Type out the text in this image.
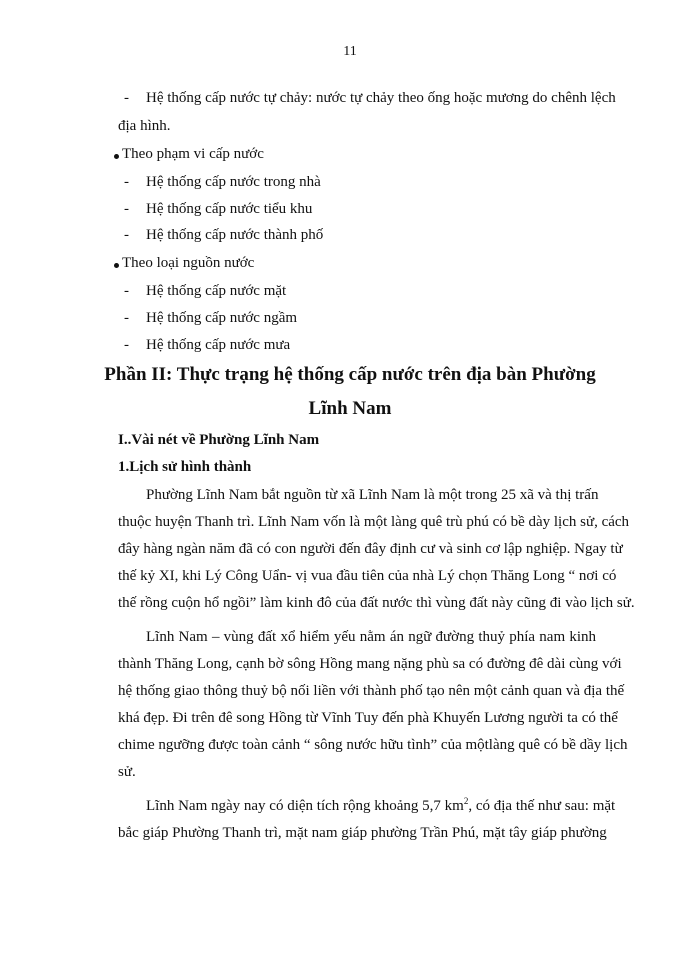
11
- Hệ thống cấp nước tự chảy: nước tự chảy theo ống hoặc mương do chênh lệch
địa hình.
Theo phạm vi cấp nước
- Hệ thống cấp nước trong nhà
- Hệ thống cấp nước tiểu khu
- Hệ thống cấp nước thành phố
Theo loại nguồn nước
- Hệ thống cấp nước mặt
- Hệ thống cấp nước ngầm
- Hệ thống cấp nước mưa
Phần II: Thực trạng hệ thống cấp nước trên địa bàn Phường
Lĩnh Nam
I..Vài nét về Phường Lĩnh Nam
1.Lịch sử hình thành
Phường Lĩnh Nam bắt nguồn từ xã Lĩnh Nam là một trong 25 xã và thị trấn
thuộc huyện Thanh trì. Lĩnh Nam vốn là một làng quê trù phú có bề dày lịch sử, cách
đây hàng ngàn năm đã có con người đến đây định cư và sinh cơ lập nghiệp. Ngay từ
thế kỷ XI, khi Lý Công Uẩn- vị vua đầu tiên của nhà Lý chọn Thăng Long “ nơi có
thế rồng cuộn hổ ngồi” làm kinh đô của đất nước thì vùng đất này cũng đi vào lịch sử.
Lĩnh Nam – vùng đất xổ hiểm yếu nằm án ngữ đường thuỷ phía nam kinh
thành Thăng Long, cạnh bờ sông Hồng mang nặng phù sa có đường đê dài cùng với
hệ thống giao thông thuỷ bộ nối liền với thành phố tạo nên một cảnh quan và địa thế
khá đẹp. Đi trên đê song Hồng từ Vĩnh Tuy đến phà Khuyến Lương người ta có thể
chime ngưỡng được toàn cảnh “ sông nước hữu tình” của mộtlàng quê có bề dầy lịch
sử.
Lĩnh Nam ngày nay có diện tích rộng khoảng 5,7 $km^2$, có địa thế như sau: mặt
bắc giáp Phường Thanh trì, mặt nam giáp phường Trần Phú, mặt tây giáp phường
